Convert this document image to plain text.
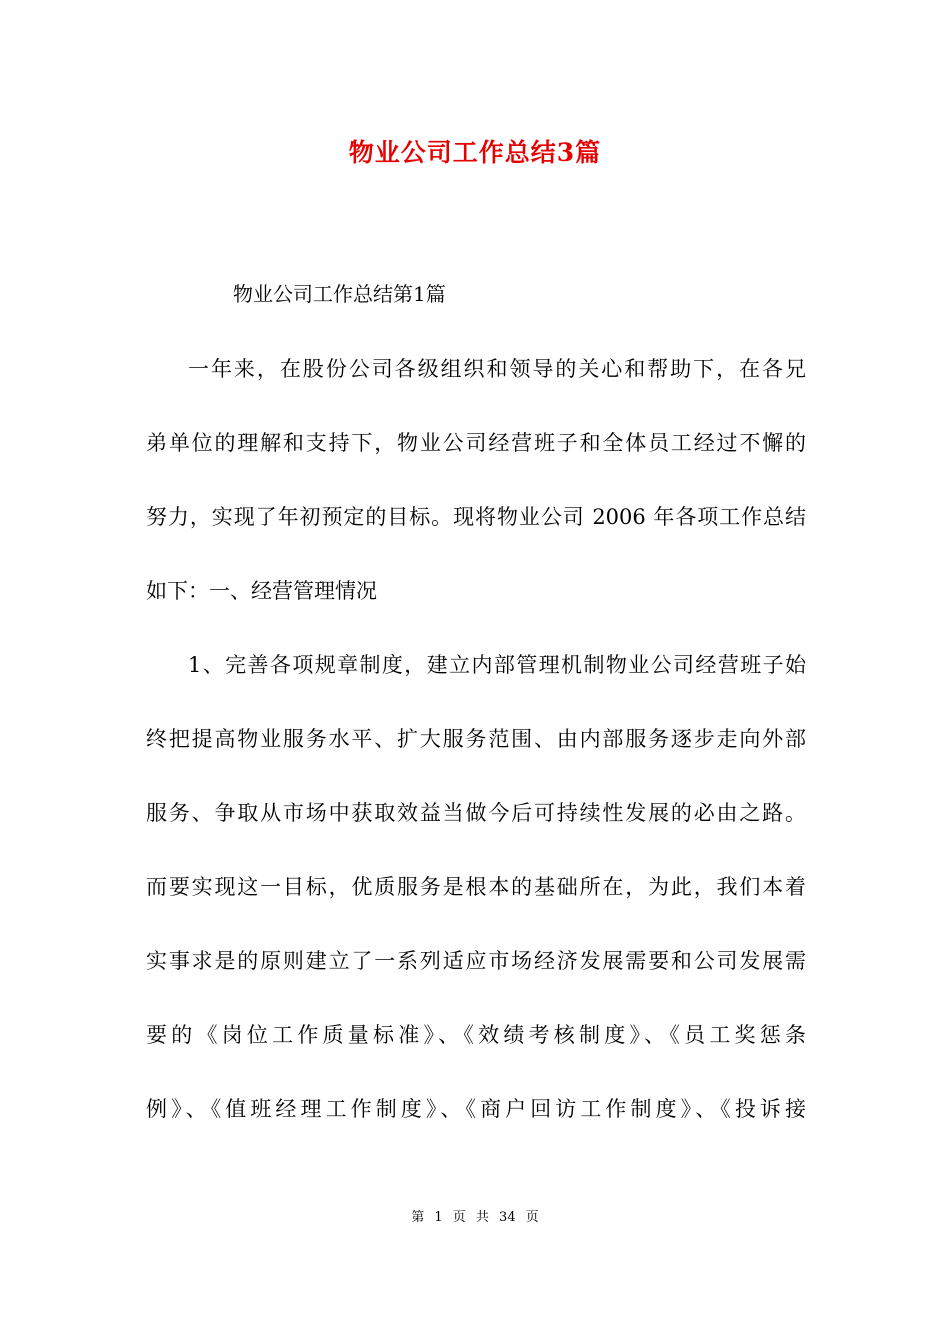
物业公司工作总结3篇
物业公司工作总结第1篇
一年来，在股份公司各级组织和领导的关心和帮助下，在各兄
弟单位的理解和支持下，物业公司经营班子和全体员工经过不懈的
努力，实现了年初预定的目标。现将物业公司 2006 年各项工作总结
如下：一、经营管理情况
1、完善各项规章制度，建立内部管理机制物业公司经营班子始
终把提高物业服务水平、扩大服务范围、由内部服务逐步走向外部
服务、争取从市场中获取效益当做今后可持续性发展的必由之路。
而要实现这一目标，优质服务是根本的基础所在，为此，我们本着
实事求是的原则建立了一系列适应市场经济发展需要和公司发展需
要的《岗位工作质量标准》、《效绩考核制度》、《员工奖惩条
例》、《值班经理工作制度》、《商户回访工作制度》、《投诉接
第 1 页 共 34 页
